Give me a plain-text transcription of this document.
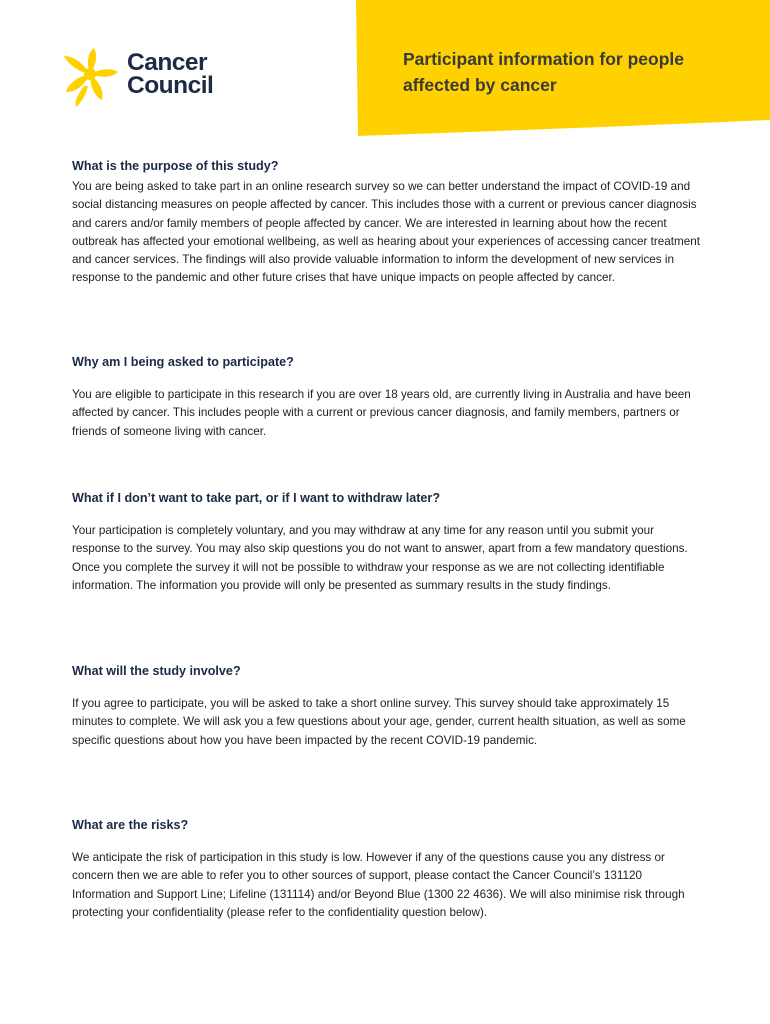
Participant information for people affected by cancer
Cancer
Council
What is the purpose of this study?

You are being asked to take part in an online research survey so we can better understand the impact of COVID-19 and social distancing measures on people affected by cancer. This includes those with a current or previous cancer diagnosis and carers and/or family members of people affected by cancer. We are interested in learning about how the recent outbreak has affected your emotional wellbeing, as well as hearing about your experiences of accessing cancer treatment and cancer services. The findings will also provide valuable information to inform the development of new services in response to the pandemic and other future crises that have unique impacts on people affected by cancer.

Why am I being asked to participate?

You are eligible to participate in this research if you are over 18 years old, are currently living in Australia and have been affected by cancer. This includes people with a current or previous cancer diagnosis, and family members, partners or friends of someone living with cancer.

What if I don’t want to take part, or if I want to withdraw later?

Your participation is completely voluntary, and you may withdraw at any time for any reason until you submit your response to the survey. You may also skip questions you do not want to answer, apart from a few mandatory questions. Once you complete the survey it will not be possible to withdraw your response as we are not collecting identifiable information. The information you provide will only be presented as summary results in the study findings.

What will the study involve?

If you agree to participate, you will be asked to take a short online survey. This survey should take approximately 15 minutes to complete. We will ask you a few questions about your age, gender, current health situation, as well as some specific questions about how you have been impacted by the recent COVID-19 pandemic.

What are the risks?

We anticipate the risk of participation in this study is low. However if any of the questions cause you any distress or concern then we are able to refer you to other sources of support, please contact the Cancer Council’s 131120 Information and Support Line; Lifeline (131114) and/or Beyond Blue (1300 22 4636). We will also minimise risk through protecting your confidentiality (please refer to the confidentiality question below).
